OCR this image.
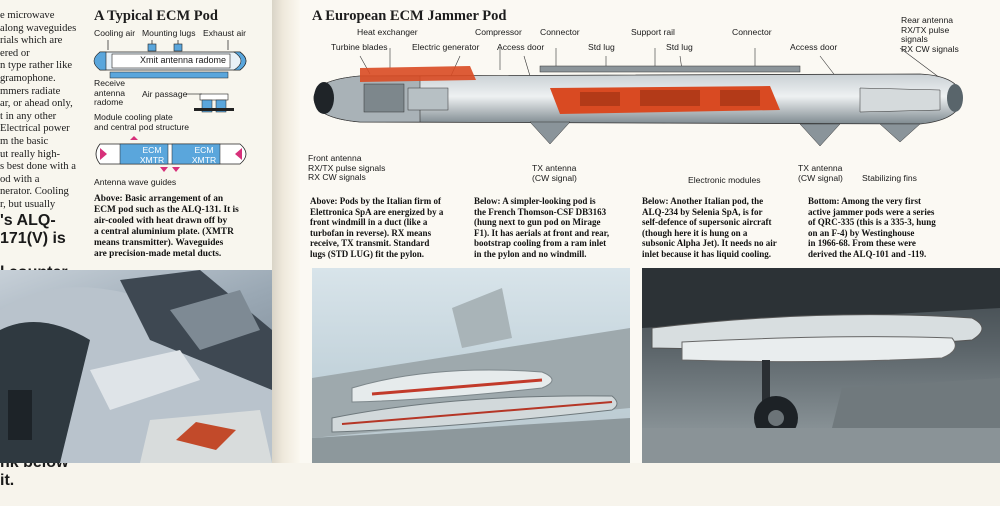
e microwave

along waveguides

rials which are

ered or

n type rather like

gramophone.

mmers radiate

ar, or ahead only,

t in any other

Electrical power

m the basic

ut really high-

s best done with a

od with a

nerator. Cooling

r, but usually

's ALQ-171(V) is

it.

A Typical ECM Pod
Cooling air Mounting lugs Exhaust air
Xmit antenna radome
Receive
antenna
radome
Air passage
Module cooling plate
and central pod structure
ECM
XMTR
ECM
XMTR
Antenna wave guides

Above: Basic arrangement of an

ECM pod such as the ALQ-131. It is

air-cooled with heat drawn off by

a central aluminium plate. (XMTR

means transmitter). Waveguides

are precision-made metal ducts.

A European ECM Jammer Pod
Heat exchanger	Compressor Connector	Support rail	Connector
Rear antenna
RX/TX pulse
signals
RX CW signals
Turbine blades	Electric generator Access door	Std lug	Std lug	Access door
Front antenna
RX/TX pulse signals
RX CW signals
TX antenna
(CW signal)	Electronic modules
TX antenna
(CW signal) Stabilizing fins

Above: Pods by the Italian firm of

Elettronica SpA are energized by a

front windmill in a duct (like a

turbofan in reverse). RX means

receive, TX transmit. Standard

lugs (STD LUG) fit the pylon.

Below: A simpler-looking pod is

the French Thomson-CSF DB3163

(hung next to gun pod on Mirage

F1). It has aerials at front and rear,

bootstrap cooling from a ram inlet

in the pylon and no windmill.

Below: Another Italian pod, the

ALQ-234 by Selenia SpA, is for

self-defence of supersonic aircraft

(though here it is hung on a

subsonic Alpha Jet). It needs no air

inlet because it has liquid cooling.

Bottom: Among the very first

active jammer pods were a series

of QRC-335 (this is a 335-3, hung

on an F-4) by Westinghouse

in 1966-68. From these were

derived the ALQ-101 and -119.
